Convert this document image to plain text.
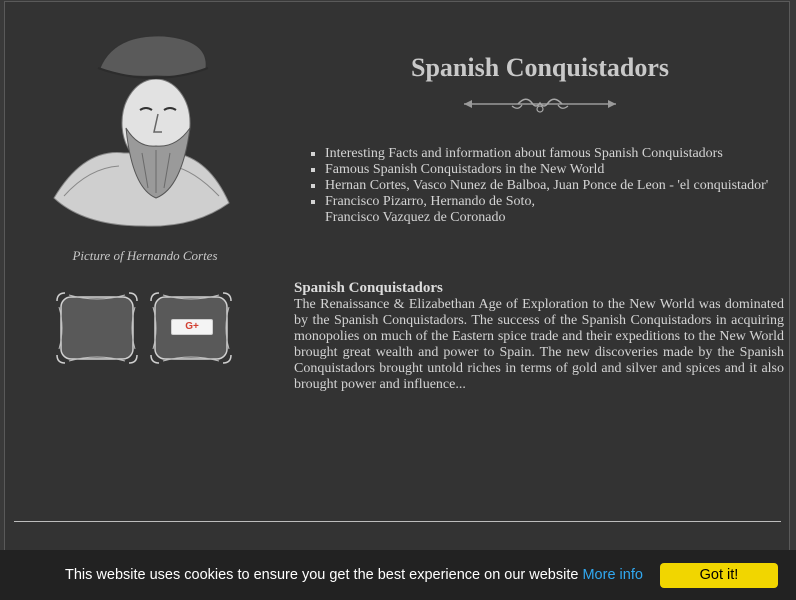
Picture of Hernando Cortes
G+
Spanish Conquistadors
▪ Interesting Facts and information about famous Spanish Conquistadors
▪ Famous Spanish Conquistadors in the New World
▪ Hernan Cortes, Vasco Nunez de Balboa, Juan Ponce de Leon - 'el conquistador'
▪ Francisco Pizarro, Hernando de Soto,
Francisco Vazquez de Coronado
Spanish Conquistadors

The Renaissance & Elizabethan Age of Exploration to the New World was dominated by the Spanish Conquistadors. The success of the Spanish Conquistadors in acquiring monopolies on much of the Eastern spice trade and their expeditions to the New World brought great wealth and power to Spain. The new discoveries made by the Spanish Conquistadors brought untold riches in terms of gold and silver and spices and it also brought power and influence...

This website uses cookies to ensure you get the best experience on our website More info	Got it!
